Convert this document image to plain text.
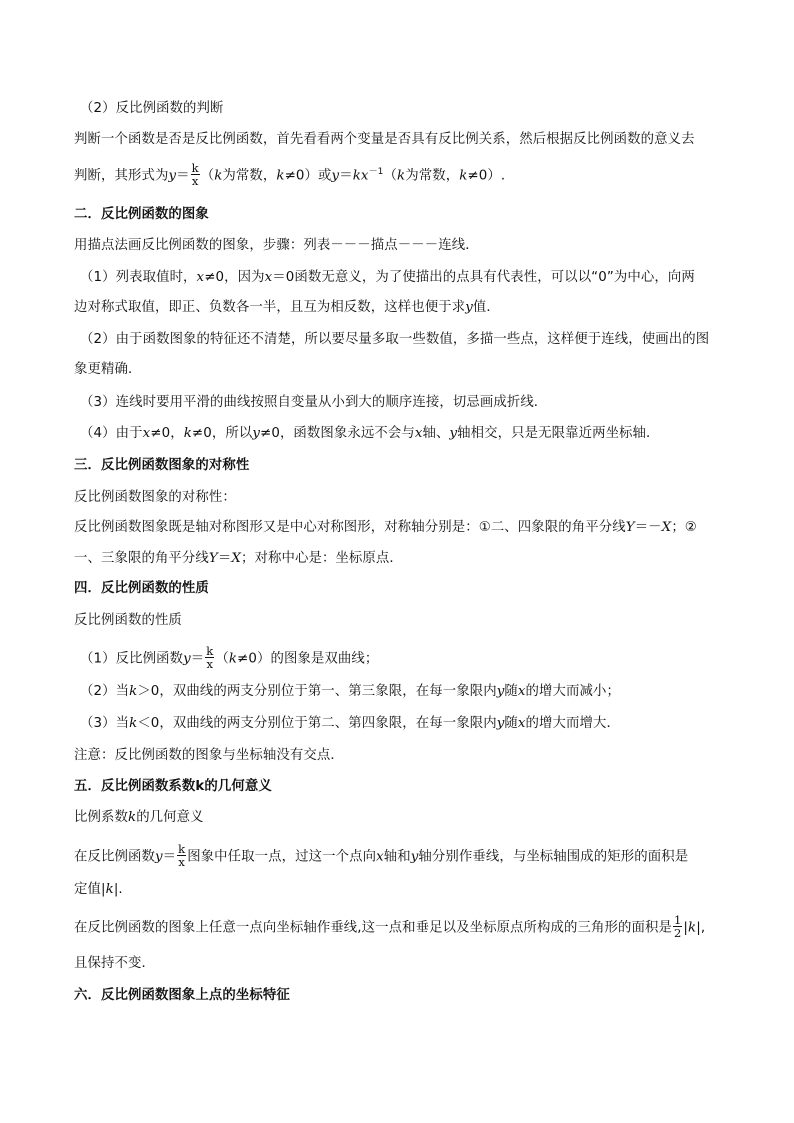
（2）反比例函数的判断
判断一个函数是否是反比例函数，首先看看两个变量是否具有反比例关系，然后根据反比例函数的意义去
判断，其形式为$y= \frac{k}{x} (k$为常数，k≠0）或$y=kx^{-1}(k$为常数，k≠0）.
二．反比例函数的图象
用描点法画反比例函数的图象，步骤：列表－－－描点－－－连线．
（1）列表取值时，x≠0，因为x＝0函数无意义，为了使描出的点具有代表性，可以以“0”为中心，向两
边对称式取值，即正、负数各一半，且互为相反数，这样也便于求y值．
（2）由于函数图象的特征还不清楚，所以要尽量多取一些数值，多描一些点，这样便于连线，使画出的图
象更精确．
（3）连线时要用平滑的曲线按照自变量从小到大的顺序连接，切忌画成折线．
（4）由于x≠0，k≠0，所以y≠0，函数图象永远不会与x轴、y轴相交，只是无限靠近两坐标轴．
三．反比例函数图象的对称性
反比例函数图象的对称性：
反比例函数图象既是轴对称图形又是中心对称图形，对称轴分别是：①二、四象限的角平分线Y＝－X；②
一、三象限的角平分线Y＝X；对称中心是：坐标原点．
四．反比例函数的性质
反比例函数的性质
（1）反比例函数$y= \frac{k}{x} (k\ne 0)$的图象是双曲线；
（2）当k＞0，双曲线的两支分别位于第一、第三象限，在每一象限内y随x的增大而减小；
（3）当k＜0，双曲线的两支分别位于第二、第四象限，在每一象限内y随x的增大而增大．
注意：反比例函数的图象与坐标轴没有交点．
五．反比例函数系数k的几何意义
比例系数k的几何意义
在反比例函数$y= \frac{k}{x}$ 图象中任取一点，过这一个点向x轴和y轴分别作垂线，与坐标轴围成的矩形的面积是
定值|k|.
在反比例函数的图象上任意一点向坐标轴作垂线,这一点和垂足以及坐标原点所构成的三角形的面积是 $\frac{1}{2} |k|$,
且保持不变．
六．反比例函数图象上点的坐标特征
